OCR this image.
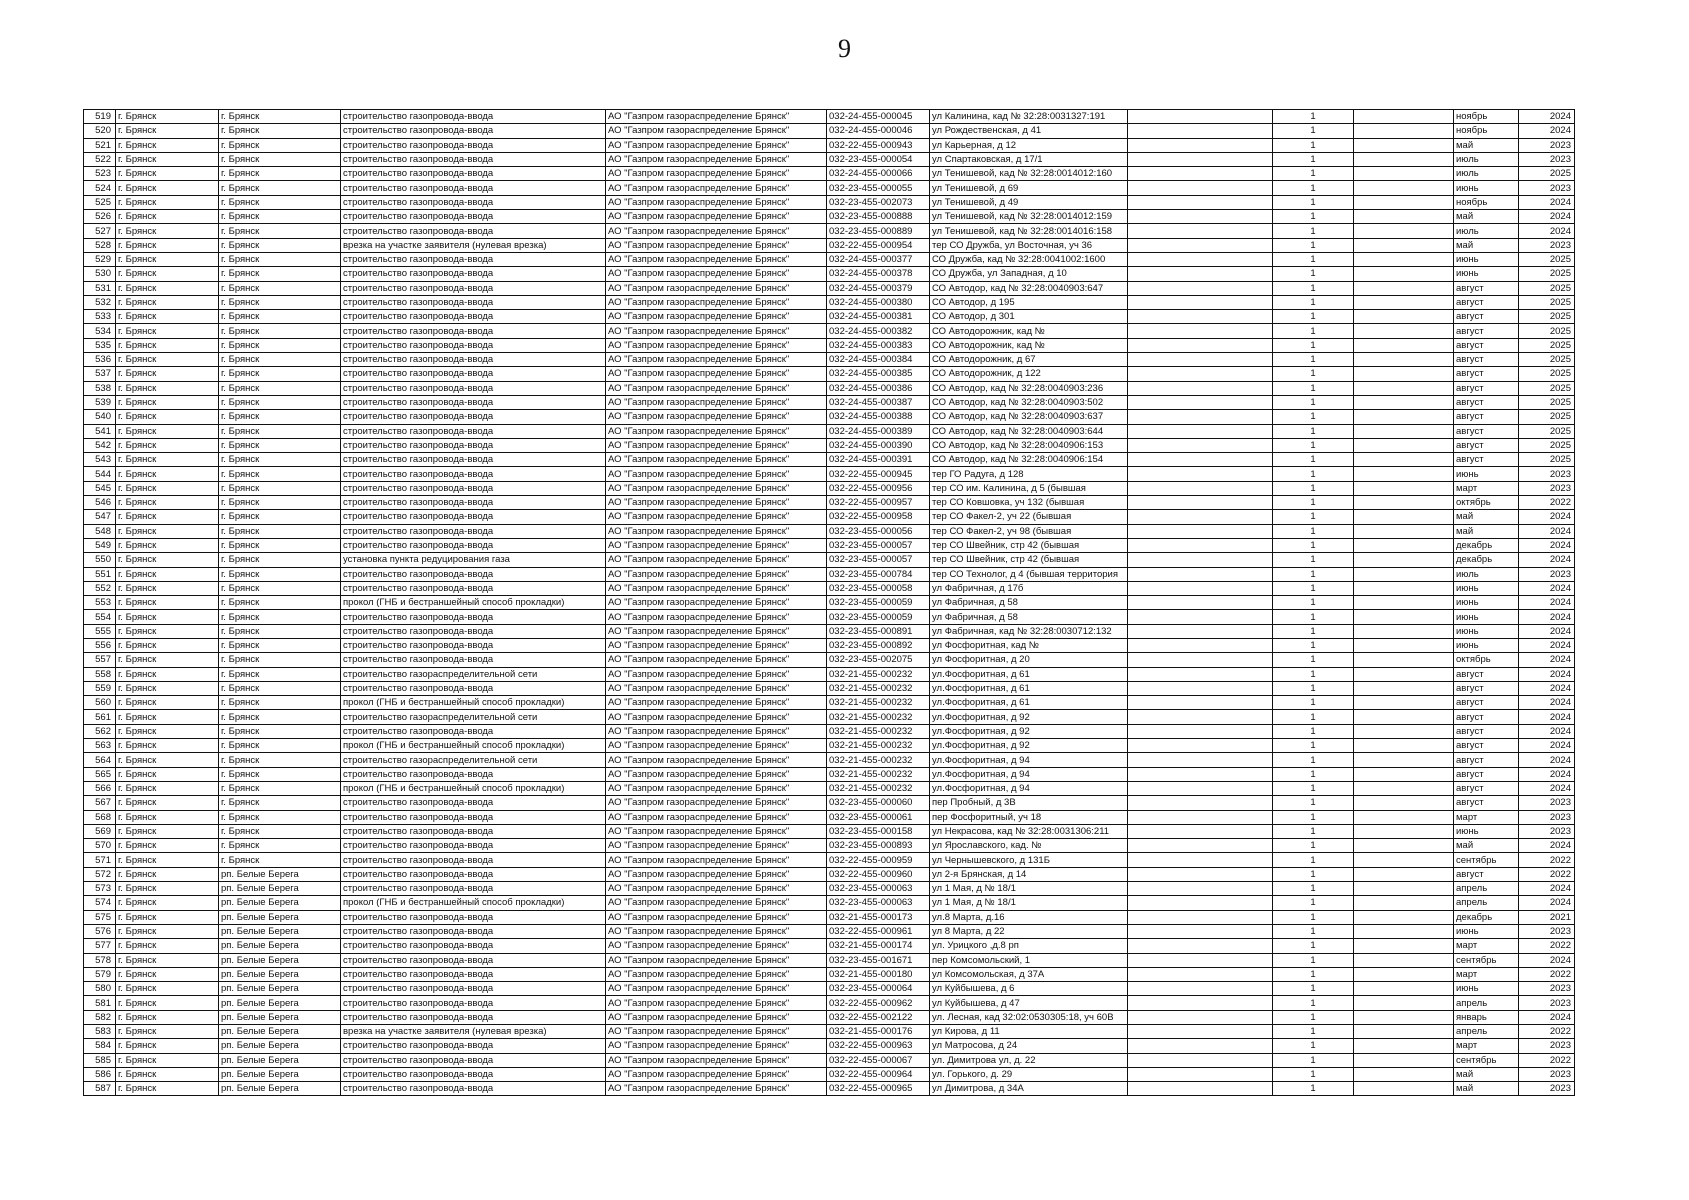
9
519	г. Брянск	г. Брянск	строительство газопровода-ввода	АО "Газпром газораспределение Брянск"	032-24-455-000045	ул Калинина, кад № 32:28:0031327:191		1		ноябрь	2024
520	г. Брянск	г. Брянск	строительство газопровода-ввода	АО "Газпром газораспределение Брянск"	032-24-455-000046	ул Рождественская, д 41		1		ноябрь	2024
521	г. Брянск	г. Брянск	строительство газопровода-ввода	АО "Газпром газораспределение Брянск"	032-22-455-000943	ул Карьерная, д 12		1		май	2023
522	г. Брянск	г. Брянск	строительство газопровода-ввода	АО "Газпром газораспределение Брянск"	032-23-455-000054	ул Спартаковская, д 17/1		1		июль	2023
523	г. Брянск	г. Брянск	строительство газопровода-ввода	АО "Газпром газораспределение Брянск"	032-24-455-000066	ул Тенишевой, кад № 32:28:0014012:160		1		июль	2025
524	г. Брянск	г. Брянск	строительство газопровода-ввода	АО "Газпром газораспределение Брянск"	032-23-455-000055	ул Тенишевой, д 69		1		июнь	2023
525	г. Брянск	г. Брянск	строительство газопровода-ввода	АО "Газпром газораспределение Брянск"	032-23-455-002073	ул Тенишевой, д 49		1		ноябрь	2024
526	г. Брянск	г. Брянск	строительство газопровода-ввода	АО "Газпром газораспределение Брянск"	032-23-455-000888	ул Тенишевой, кад № 32:28:0014012:159		1		май	2024
527	г. Брянск	г. Брянск	строительство газопровода-ввода	АО "Газпром газораспределение Брянск"	032-23-455-000889	ул Тенишевой, кад № 32:28:0014016:158		1		июль	2024
528	г. Брянск	г. Брянск	врезка на участке заявителя (нулевая врезка)	АО "Газпром газораспределение Брянск"	032-22-455-000954	тер СО Дружба, ул Восточная, уч 36		1		май	2023
529	г. Брянск	г. Брянск	строительство газопровода-ввода	АО "Газпром газораспределение Брянск"	032-24-455-000377	СО Дружба, кад № 32:28:0041002:1600		1		июнь	2025
530	г. Брянск	г. Брянск	строительство газопровода-ввода	АО "Газпром газораспределение Брянск"	032-24-455-000378	СО Дружба, ул Западная, д 10		1		июнь	2025
531	г. Брянск	г. Брянск	строительство газопровода-ввода	АО "Газпром газораспределение Брянск"	032-24-455-000379	СО Автодор, кад № 32:28:0040903:647		1		август	2025
532	г. Брянск	г. Брянск	строительство газопровода-ввода	АО "Газпром газораспределение Брянск"	032-24-455-000380	СО Автодор, д 195		1		август	2025
533	г. Брянск	г. Брянск	строительство газопровода-ввода	АО "Газпром газораспределение Брянск"	032-24-455-000381	СО Автодор, д 301		1		август	2025
534	г. Брянск	г. Брянск	строительство газопровода-ввода	АО "Газпром газораспределение Брянск"	032-24-455-000382	СО Автодорожник, кад №		1		август	2025
535	г. Брянск	г. Брянск	строительство газопровода-ввода	АО "Газпром газораспределение Брянск"	032-24-455-000383	СО Автодорожник, кад №		1		август	2025
536	г. Брянск	г. Брянск	строительство газопровода-ввода	АО "Газпром газораспределение Брянск"	032-24-455-000384	СО Автодорожник, д 67		1		август	2025
537	г. Брянск	г. Брянск	строительство газопровода-ввода	АО "Газпром газораспределение Брянск"	032-24-455-000385	СО Автодорожник, д 122		1		август	2025
538	г. Брянск	г. Брянск	строительство газопровода-ввода	АО "Газпром газораспределение Брянск"	032-24-455-000386	СО Автодор, кад № 32:28:0040903:236		1		август	2025
539	г. Брянск	г. Брянск	строительство газопровода-ввода	АО "Газпром газораспределение Брянск"	032-24-455-000387	СО Автодор, кад № 32:28:0040903:502		1		август	2025
540	г. Брянск	г. Брянск	строительство газопровода-ввода	АО "Газпром газораспределение Брянск"	032-24-455-000388	СО Автодор, кад № 32:28:0040903:637		1		август	2025
541	г. Брянск	г. Брянск	строительство газопровода-ввода	АО "Газпром газораспределение Брянск"	032-24-455-000389	СО Автодор, кад № 32:28:0040903:644		1		август	2025
542	г. Брянск	г. Брянск	строительство газопровода-ввода	АО "Газпром газораспределение Брянск"	032-24-455-000390	СО Автодор, кад № 32:28:0040906:153		1		август	2025
543	г. Брянск	г. Брянск	строительство газопровода-ввода	АО "Газпром газораспределение Брянск"	032-24-455-000391	СО Автодор, кад № 32:28:0040906:154		1		август	2025
544	г. Брянск	г. Брянск	строительство газопровода-ввода	АО "Газпром газораспределение Брянск"	032-22-455-000945	тер ГО Радуга, д 128		1		июнь	2023
545	г. Брянск	г. Брянск	строительство газопровода-ввода	АО "Газпром газораспределение Брянск"	032-22-455-000956	тер СО им. Калинина, д 5 (бывшая		1		март	2023
546	г. Брянск	г. Брянск	строительство газопровода-ввода	АО "Газпром газораспределение Брянск"	032-22-455-000957	тер СО Ковшовка, уч 132 (бывшая		1		октябрь	2022
547	г. Брянск	г. Брянск	строительство газопровода-ввода	АО "Газпром газораспределение Брянск"	032-22-455-000958	тер СО Факел-2, уч 22 (бывшая		1		май	2024
548	г. Брянск	г. Брянск	строительство газопровода-ввода	АО "Газпром газораспределение Брянск"	032-23-455-000056	тер СО Факел-2, уч 98 (бывшая		1		май	2024
549	г. Брянск	г. Брянск	строительство газопровода-ввода	АО "Газпром газораспределение Брянск"	032-23-455-000057	тер СО Швейник, стр 42 (бывшая		1		декабрь	2024
550	г. Брянск	г. Брянск	установка пункта редуцирования газа	АО "Газпром газораспределение Брянск"	032-23-455-000057	тер СО Швейник, стр 42 (бывшая		1		декабрь	2024
551	г. Брянск	г. Брянск	строительство газопровода-ввода	АО "Газпром газораспределение Брянск"	032-23-455-000784	тер СО Технолог, д 4 (бывшая территория		1		июль	2023
552	г. Брянск	г. Брянск	строительство газопровода-ввода	АО "Газпром газораспределение Брянск"	032-23-455-000058	ул Фабричная, д 17б		1		июнь	2024
553	г. Брянск	г. Брянск	прокол (ГНБ и бестраншейный способ прокладки)	АО "Газпром газораспределение Брянск"	032-23-455-000059	ул Фабричная, д 58		1		июнь	2024
554	г. Брянск	г. Брянск	строительство газопровода-ввода	АО "Газпром газораспределение Брянск"	032-23-455-000059	ул Фабричная, д 58		1		июнь	2024
555	г. Брянск	г. Брянск	строительство газопровода-ввода	АО "Газпром газораспределение Брянск"	032-23-455-000891	ул Фабричная, кад № 32:28:0030712:132		1		июнь	2024
556	г. Брянск	г. Брянск	строительство газопровода-ввода	АО "Газпром газораспределение Брянск"	032-23-455-000892	ул Фосфоритная, кад №		1		июнь	2024
557	г. Брянск	г. Брянск	строительство газопровода-ввода	АО "Газпром газораспределение Брянск"	032-23-455-002075	ул Фосфоритная, д 20		1		октябрь	2024
558	г. Брянск	г. Брянск	строительство газораспределительной сети	АО "Газпром газораспределение Брянск"	032-21-455-000232	ул.Фосфоритная, д 61		1		август	2024
559	г. Брянск	г. Брянск	строительство газопровода-ввода	АО "Газпром газораспределение Брянск"	032-21-455-000232	ул.Фосфоритная, д 61		1		август	2024
560	г. Брянск	г. Брянск	прокол (ГНБ и бестраншейный способ прокладки)	АО "Газпром газораспределение Брянск"	032-21-455-000232	ул.Фосфоритная, д 61		1		август	2024
561	г. Брянск	г. Брянск	строительство газораспределительной сети	АО "Газпром газораспределение Брянск"	032-21-455-000232	ул.Фосфоритная, д 92		1		август	2024
562	г. Брянск	г. Брянск	строительство газопровода-ввода	АО "Газпром газораспределение Брянск"	032-21-455-000232	ул.Фосфоритная, д 92		1		август	2024
563	г. Брянск	г. Брянск	прокол (ГНБ и бестраншейный способ прокладки)	АО "Газпром газораспределение Брянск"	032-21-455-000232	ул.Фосфоритная, д 92		1		август	2024
564	г. Брянск	г. Брянск	строительство газораспределительной сети	АО "Газпром газораспределение Брянск"	032-21-455-000232	ул.Фосфоритная, д 94		1		август	2024
565	г. Брянск	г. Брянск	строительство газопровода-ввода	АО "Газпром газораспределение Брянск"	032-21-455-000232	ул.Фосфоритная, д 94		1		август	2024
566	г. Брянск	г. Брянск	прокол (ГНБ и бестраншейный способ прокладки)	АО "Газпром газораспределение Брянск"	032-21-455-000232	ул.Фосфоритная, д 94		1		август	2024
567	г. Брянск	г. Брянск	строительство газопровода-ввода	АО "Газпром газораспределение Брянск"	032-23-455-000060	пер Пробный, д 3В		1		август	2023
568	г. Брянск	г. Брянск	строительство газопровода-ввода	АО "Газпром газораспределение Брянск"	032-23-455-000061	пер Фосфоритный, уч 18		1		март	2023
569	г. Брянск	г. Брянск	строительство газопровода-ввода	АО "Газпром газораспределение Брянск"	032-23-455-000158	ул Некрасова, кад № 32:28:0031306:211		1		июнь	2023
570	г. Брянск	г. Брянск	строительство газопровода-ввода	АО "Газпром газораспределение Брянск"	032-23-455-000893	ул Ярославского, кад. №		1		май	2024
571	г. Брянск	г. Брянск	строительство газопровода-ввода	АО "Газпром газораспределение Брянск"	032-22-455-000959	ул Чернышевского, д 131Б		1		сентябрь	2022
572	г. Брянск	рп. Белые Берега	строительство газопровода-ввода	АО "Газпром газораспределение Брянск"	032-22-455-000960	ул 2-я Брянская, д 14		1		август	2022
573	г. Брянск	рп. Белые Берега	строительство газопровода-ввода	АО "Газпром газораспределение Брянск"	032-23-455-000063	ул 1 Мая, д № 18/1		1		апрель	2024
574	г. Брянск	рп. Белые Берега	прокол (ГНБ и бестраншейный способ прокладки)	АО "Газпром газораспределение Брянск"	032-23-455-000063	ул 1 Мая, д № 18/1		1		апрель	2024
575	г. Брянск	рп. Белые Берега	строительство газопровода-ввода	АО "Газпром газораспределение Брянск"	032-21-455-000173	ул.8 Марта, д.16		1		декабрь	2021
576	г. Брянск	рп. Белые Берега	строительство газопровода-ввода	АО "Газпром газораспределение Брянск"	032-22-455-000961	ул 8 Марта, д 22		1		июнь	2023
577	г. Брянск	рп. Белые Берега	строительство газопровода-ввода	АО "Газпром газораспределение Брянск"	032-21-455-000174	ул. Урицкого ,д.8 рп		1		март	2022
578	г. Брянск	рп. Белые Берега	строительство газопровода-ввода	АО "Газпром газораспределение Брянск"	032-23-455-001671	пер Комсомольский, 1		1		сентябрь	2024
579	г. Брянск	рп. Белые Берега	строительство газопровода-ввода	АО "Газпром газораспределение Брянск"	032-21-455-000180	ул Комсомольская, д 37А		1		март	2022
580	г. Брянск	рп. Белые Берега	строительство газопровода-ввода	АО "Газпром газораспределение Брянск"	032-23-455-000064	ул Куйбышева, д 6		1		июнь	2023
581	г. Брянск	рп. Белые Берега	строительство газопровода-ввода	АО "Газпром газораспределение Брянск"	032-22-455-000962	ул Куйбышева, д 47		1		апрель	2023
582	г. Брянск	рп. Белые Берега	строительство газопровода-ввода	АО "Газпром газораспределение Брянск"	032-22-455-002122	ул. Лесная, кад 32:02:0530305:18, уч 60В		1		январь	2024
583	г. Брянск	рп. Белые Берега	врезка на участке заявителя (нулевая врезка)	АО "Газпром газораспределение Брянск"	032-21-455-000176	ул Кирова, д 11		1		апрель	2022
584	г. Брянск	рп. Белые Берега	строительство газопровода-ввода	АО "Газпром газораспределение Брянск"	032-22-455-000963	ул Матросова, д 24		1		март	2023
585	г. Брянск	рп. Белые Берега	строительство газопровода-ввода	АО "Газпром газораспределение Брянск"	032-22-455-000067	ул. Димитрова ул, д. 22		1		сентябрь	2022
586	г. Брянск	рп. Белые Берега	строительство газопровода-ввода	АО "Газпром газораспределение Брянск"	032-22-455-000964	ул. Горького, д. 29		1		май	2023
587	г. Брянск	рп. Белые Берега	строительство газопровода-ввода	АО "Газпром газораспределение Брянск"	032-22-455-000965	ул Димитрова, д 34А		1		май	2023
